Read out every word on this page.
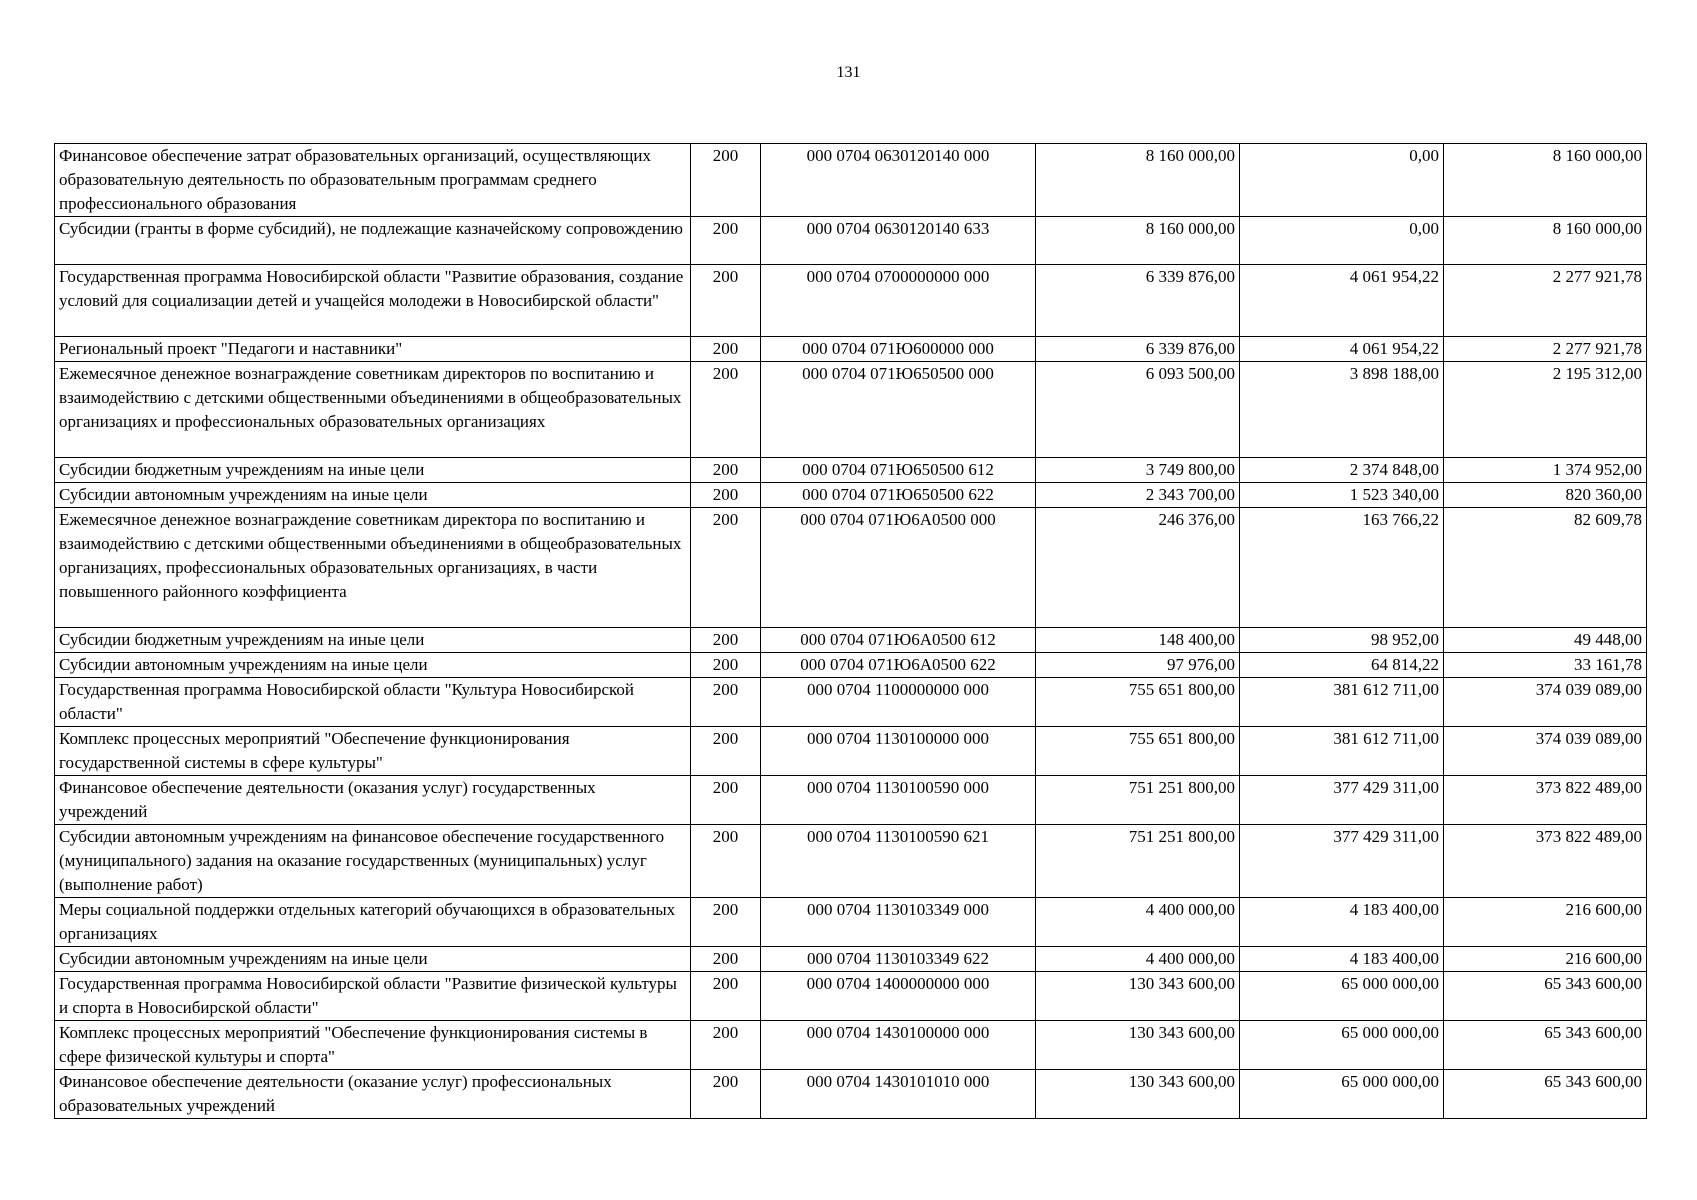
131
Финансовое обеспечение затрат образовательных организаций, осуществляющих образовательную деятельность по образовательным программам среднего профессионального образования	200	000 0704 0630120140 000	8 160 000,00	0,00	8 160 000,00
Субсидии (гранты в форме субсидий), не подлежащие казначейскому сопровождению	200	000 0704 0630120140 633	8 160 000,00	0,00	8 160 000,00
Государственная программа Новосибирской области "Развитие образования, создание условий для социализации детей и учащейся молодежи в Новосибирской области"	200	000 0704 0700000000 000	6 339 876,00	4 061 954,22	2 277 921,78
Региональный проект "Педагоги и наставники"	200	000 0704 071Ю600000 000	6 339 876,00	4 061 954,22	2 277 921,78
Ежемесячное денежное вознаграждение советникам директоров по воспитанию и взаимодействию с детскими общественными объединениями в общеобразовательных организациях и профессиональных образовательных организациях	200	000 0704 071Ю650500 000	6 093 500,00	3 898 188,00	2 195 312,00
Субсидии бюджетным учреждениям на иные цели	200	000 0704 071Ю650500 612	3 749 800,00	2 374 848,00	1 374 952,00
Субсидии автономным учреждениям на иные цели	200	000 0704 071Ю650500 622	2 343 700,00	1 523 340,00	820 360,00
Ежемесячное денежное вознаграждение советникам директора по воспитанию и взаимодействию с детскими общественными объединениями в общеобразовательных организациях, профессиональных образовательных организациях, в части повышенного районного коэффициента	200	000 0704 071Ю6А0500 000	246 376,00	163 766,22	82 609,78
Субсидии бюджетным учреждениям на иные цели	200	000 0704 071Ю6А0500 612	148 400,00	98 952,00	49 448,00
Субсидии автономным учреждениям на иные цели	200	000 0704 071Ю6А0500 622	97 976,00	64 814,22	33 161,78
Государственная программа Новосибирской области "Культура Новосибирской области"	200	000 0704 1100000000 000	755 651 800,00	381 612 711,00	374 039 089,00
Комплекс процессных мероприятий "Обеспечение функционирования государственной системы в сфере культуры"	200	000 0704 1130100000 000	755 651 800,00	381 612 711,00	374 039 089,00
Финансовое обеспечение деятельности (оказания услуг) государственных учреждений	200	000 0704 1130100590 000	751 251 800,00	377 429 311,00	373 822 489,00
Субсидии автономным учреждениям на финансовое обеспечение государственного (муниципального) задания на оказание государственных (муниципальных) услуг (выполнение работ)	200	000 0704 1130100590 621	751 251 800,00	377 429 311,00	373 822 489,00
Меры социальной поддержки отдельных категорий обучающихся в образовательных организациях	200	000 0704 1130103349 000	4 400 000,00	4 183 400,00	216 600,00
Субсидии автономным учреждениям на иные цели	200	000 0704 1130103349 622	4 400 000,00	4 183 400,00	216 600,00
Государственная программа Новосибирской области "Развитие физической культуры и спорта в Новосибирской области"	200	000 0704 1400000000 000	130 343 600,00	65 000 000,00	65 343 600,00
Комплекс процессных мероприятий "Обеспечение функционирования системы в сфере физической культуры и спорта"	200	000 0704 1430100000 000	130 343 600,00	65 000 000,00	65 343 600,00
Финансовое обеспечение деятельности (оказание услуг) профессиональных образовательных учреждений	200	000 0704 1430101010 000	130 343 600,00	65 000 000,00	65 343 600,00
